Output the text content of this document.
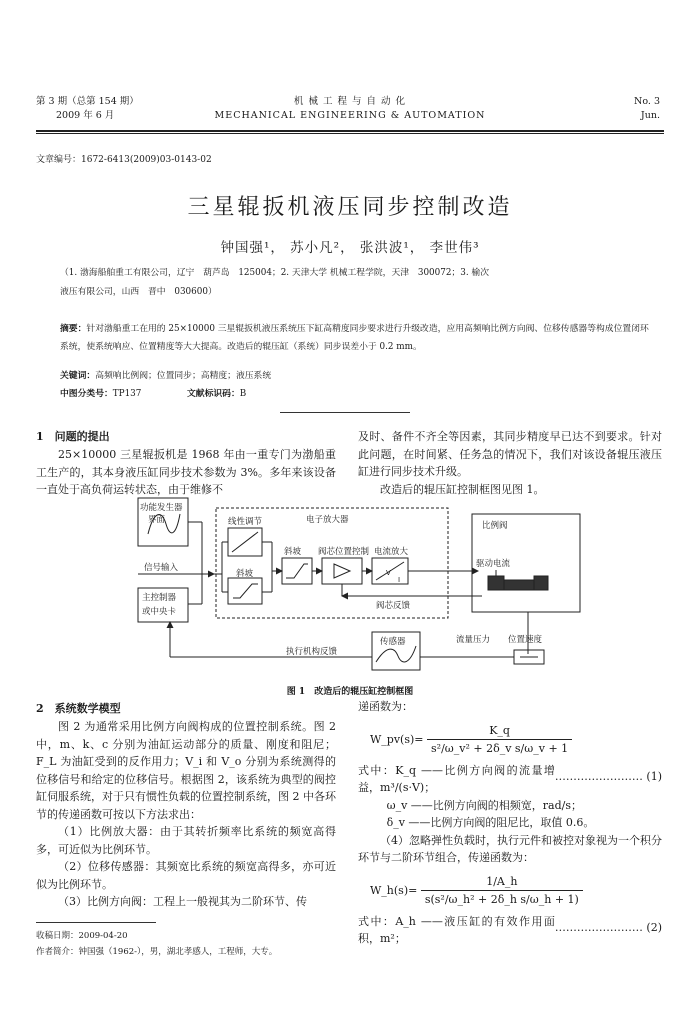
第 3 期（总第 154 期）
2009 年 6 月
机 械 工 程 与 自 动 化
MECHANICAL ENGINEERING & AUTOMATION
No. 3
Jun.
文章编号：1672-6413(2009)03-0143-02
三星辊扳机液压同步控制改造
钟国强¹， 苏小凡²， 张洪波¹， 李世伟³
（1. 渤海船舶重工有限公司，辽宁　葫芦岛　125004；2. 天津大学 机械工程学院，天津　300072；3. 榆次
液压有限公司，山西　晋中　030600）
摘要：针对渤船重工在用的 25×10000 三星辊扳机液压系统压下缸高精度同步要求进行升级改造，应用高频响比例方向阀、位移传感器等构成位置闭环系统，使系统响应、位置精度等大大提高。改造后的辊压缸（系统）同步误差小于 0.2 mm。
关键词：高频响比例阀；位置同步；高精度；液压系统
中图分类号：TP137	文献标识码：B
1　问题的提出
25×10000 三星辊扳机是 1968 年由一重专门为渤船重工生产的，其本身液压缸同步技术参数为 3%。多年来该设备一直处于高负荷运转状态，由于维修不
及时、备件不齐全等因素，其同步精度早已达不到要求。针对此问题，在时间紧、任务急的情况下，我们对该设备辊压液压缸进行同步技术升级。
改造后的辊压缸控制框图见图 1。
功能发生器
界面
信号输入
主控制器
或中央卡
电子放大器
线性调节
斜坡
斜坡 阀芯位置控制 电流放大
V
I
阀芯反馈
比例阀
驱动电流
流量压力 位置速度
传感器
执行机构反馈
图 1　改造后的辊压缸控制框图
2　系统数学模型
图 2 为通常采用比例方向阀构成的位置控制系统。图 2 中，m、k、c 分别为油缸运动部分的质量、刚度和阻尼；F_L 为油缸受到的反作用力；V_i 和 V_o 分别为系统测得的位移信号和给定的位移信号。根据图 2，该系统为典型的阀控缸伺服系统，对于只有惯性负载的位置控制系统，图 2 中各环节的传递函数可按以下方法求出：
（1）比例放大器：由于其转折频率比系统的频宽高得多，可近似为比例环节。
（2）位移传感器：其频宽比系统的频宽高得多，亦可近似为比例环节。
（3）比例方向阀：工程上一般视其为二阶环节、传
递函数为：
W_pv(s)= $\frac{K\_q}{\text{s²/ω\_v² + 2δ\_v s/ω\_v + 1}}$
…………………… (1)
式中：K_q ——比例方向阀的流量增益，m³/(s·V)；
ω_v ——比例方向阀的相频宽，rad/s；
δ_v ——比例方向阀的阻尼比，取值 0.6。
（4）忽略弹性负载时，执行元件和被控对象视为一个积分环节与二阶环节组合，传递函数为：
W_h(s)= $\frac{1/A\_h}{\text{s(s²/ω\_h² + 2δ\_h s/ω\_h + 1)}}$
…………………… (2)
式中：A_h ——液压缸的有效作用面积，m²；
收稿日期：2009-04-20
作者简介：钟国强（1962-），男，湖北孝感人，工程师，大专。
